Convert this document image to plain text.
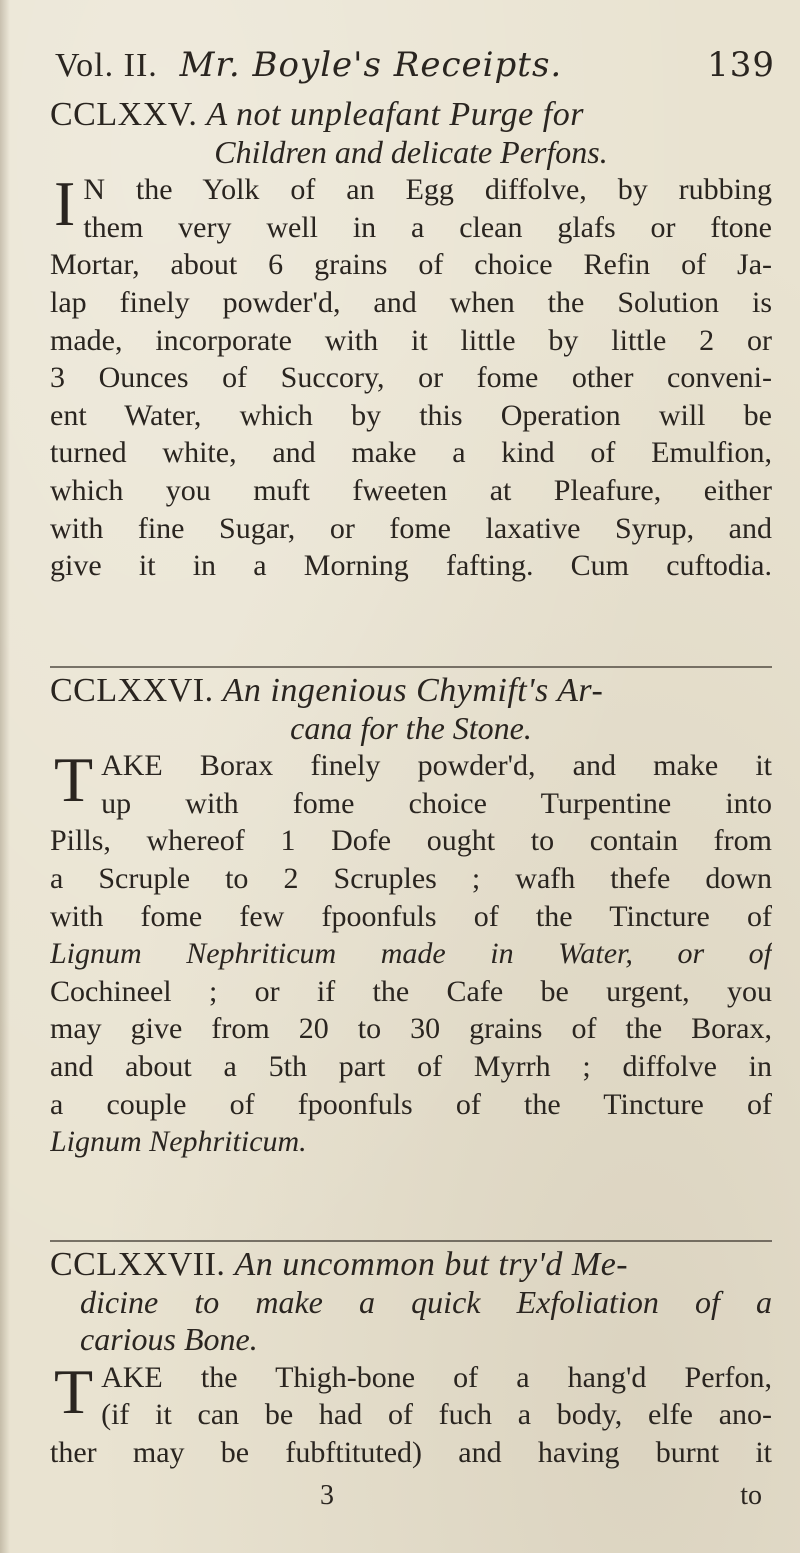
Vol. II. Mr. Boyle's Receipts.	139
CCLXXV. A not unpleafant Purge for
Children and delicate Perfons.
I N the Yolk of an Egg diffolve, by rubbing
them very well in a clean glafs or ftone
Mortar, about 6 grains of choice Refin of Ja-
lap finely powder'd, and when the Solution is
made, incorporate with it little by little 2 or
3 Ounces of Succory, or fome other conveni-
ent Water, which by this Operation will be
turned white, and make a kind of Emulfion,
which you muft fweeten at Pleafure, either
with fine Sugar, or fome laxative Syrup, and
give it in a Morning fafting. Cum cuftodia.
CCLXXVI. An ingenious Chymift's Ar-
cana for the Stone.
T AKE Borax finely powder'd, and make it
up with fome choice Turpentine into
Pills, whereof 1 Dofe ought to contain from
a Scruple to 2 Scruples ; wafh thefe down
with fome few fpoonfuls of the Tincture of
Lignum Nephriticum made in Water, or of
Cochineel ; or if the Cafe be urgent, you
may give from 20 to 30 grains of the Borax,
and about a 5th part of Myrrh ; diffolve in
a couple of fpoonfuls of the Tincture of
Lignum Nephriticum.
CCLXXVII. An uncommon but try'd Me-
dicine to make a quick Exfoliation of a
carious Bone.
T AKE the Thigh-bone of a hang'd Perfon,
(if it can be had of fuch a body, elfe ano-
ther may be fubftituted) and having burnt it
3	to
